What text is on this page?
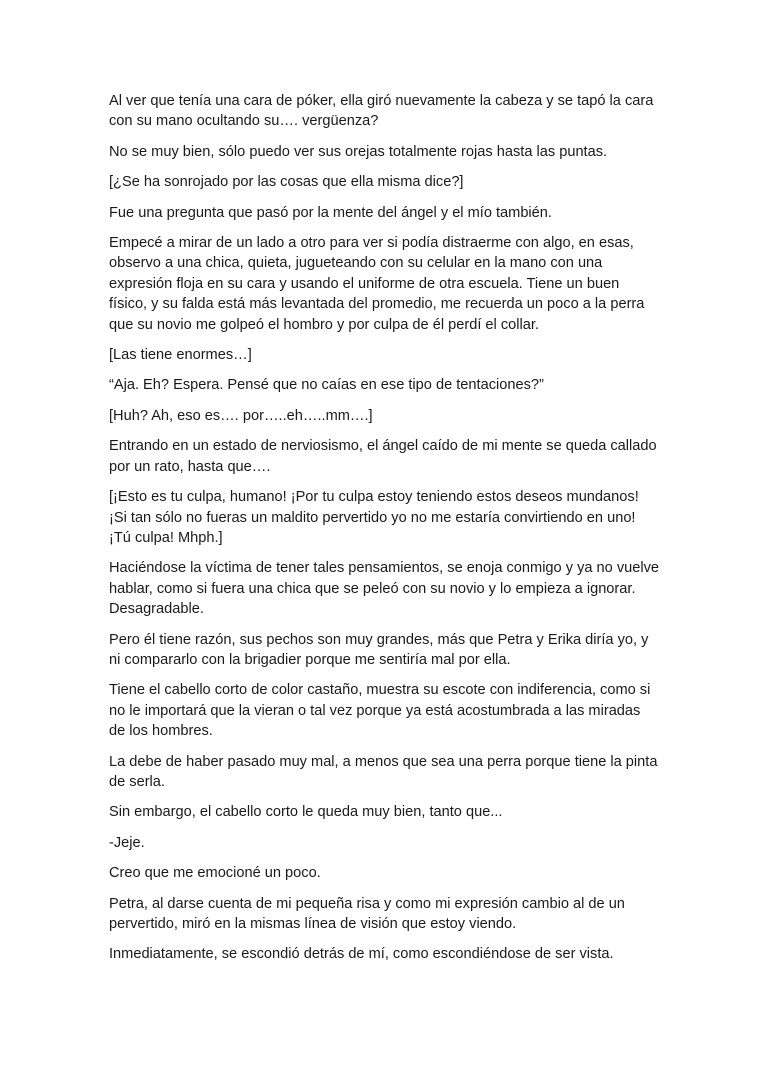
Al ver que tenía una cara de póker, ella giró nuevamente la cabeza y se tapó la cara con su mano ocultando su…. vergüenza?

No se muy bien, sólo puedo ver sus orejas totalmente rojas hasta las puntas.

[¿Se ha sonrojado por las cosas que ella misma dice?]

Fue una pregunta que pasó por la mente del ángel y el mío también.

Empecé a mirar de un lado a otro para ver si podía distraerme con algo, en esas, observo a una chica, quieta, jugueteando con su celular en la mano con una expresión floja en su cara y usando el uniforme de otra escuela. Tiene un buen físico, y su falda está más levantada del promedio, me recuerda un poco a la perra que su novio me golpeó el hombro y por culpa de él perdí el collar.

[Las tiene enormes…]

“Aja. Eh? Espera. Pensé que no caías en ese tipo de tentaciones?”

[Huh? Ah, eso es…. por…..eh…..mm….]

Entrando en un estado de nerviosismo, el ángel caído de mi mente se queda callado por un rato, hasta que….

[¡Esto es tu culpa, humano! ¡Por tu culpa estoy teniendo estos deseos mundanos! ¡Si tan sólo no fueras un maldito pervertido yo no me estaría convirtiendo en uno! ¡Tú culpa! Mhph.]

Haciéndose la víctima de tener tales pensamientos, se enoja conmigo y ya no vuelve hablar, como si fuera una chica que se peleó con su novio y lo empieza a ignorar. Desagradable.

Pero él tiene razón, sus pechos son muy grandes, más que Petra y Erika diría yo, y ni compararlo con la brigadier porque me sentiría mal por ella.

Tiene el cabello corto de color castaño, muestra su escote con indiferencia, como si no le importará que la vieran o tal vez porque ya está acostumbrada a las miradas de los hombres.

La debe de haber pasado muy mal, a menos que sea una perra porque tiene la pinta de serla.

Sin embargo, el cabello corto le queda muy bien, tanto que...

-Jeje.

Creo que me emocioné un poco.

Petra, al darse cuenta de mi pequeña risa y como mi expresión cambio al de un pervertido, miró en la mismas línea de visión que estoy viendo.

Inmediatamente, se escondió detrás de mí, como escondiéndose de ser vista.
